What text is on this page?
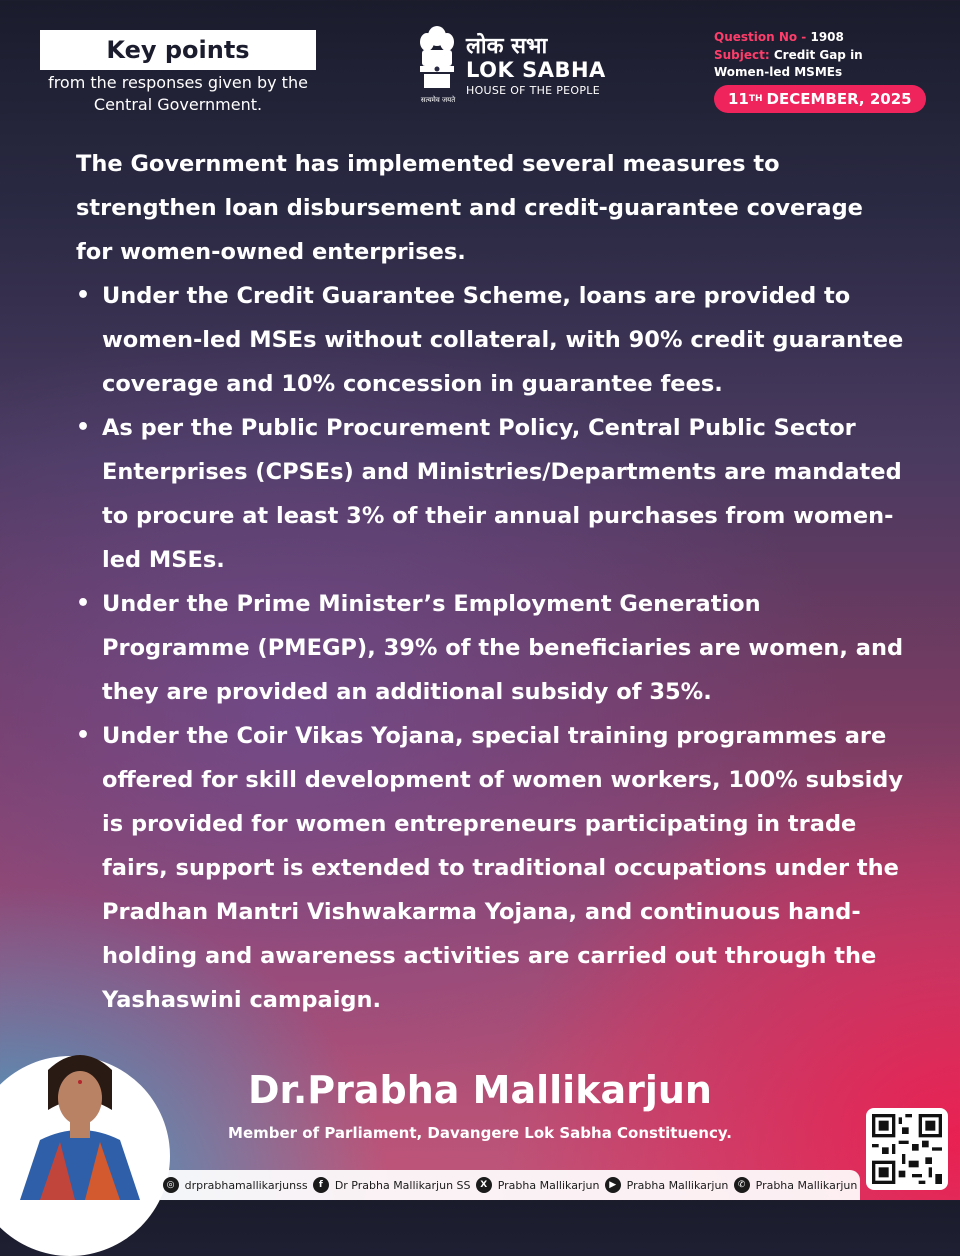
Key points
from the responses given by the Central Government.	सत्यमेव जयते
लोक सभा
LOK SABHA
HOUSE OF THE PEOPLE
Question No - 1908
Subject: Credit Gap in Women-led MSMEs
11 TH DECEMBER, 2025

The Government has implemented several measures to strengthen loan disbursement and credit-guarantee coverage for women-owned enterprises.

• Under the Credit Guarantee Scheme, loans are provided to women-led MSEs without collateral, with 90% credit guarantee coverage and 10% concession in guarantee fees.
• As per the Public Procurement Policy, Central Public Sector Enterprises (CPSEs) and Ministries/Departments are mandated to procure at least 3% of their annual purchases from women-led MSEs.
• Under the Prime Minister’s Employment Generation Programme (PMEGP), 39% of the beneficiaries are women, and they are provided an additional subsidy of 35%.
• Under the Coir Vikas Yojana, special training programmes are offered for skill development of women workers, 100% subsidy is provided for women entrepreneurs participating in trade fairs, support is extended to traditional occupations under the Pradhan Mantri Vishwakarma Yojana, and continuous hand-holding and awareness activities are carried out through the Yashaswini campaign.
Dr.Prabha Mallikarjun
Member of Parliament, Davangere Lok Sabha Constituency.
◎ drprabhamallikarjunss	f	Dr Prabha Mallikarjun SS	X Prabha Mallikarjun	▶ Prabha Mallikarjun	✆ Prabha Mallikarjun
